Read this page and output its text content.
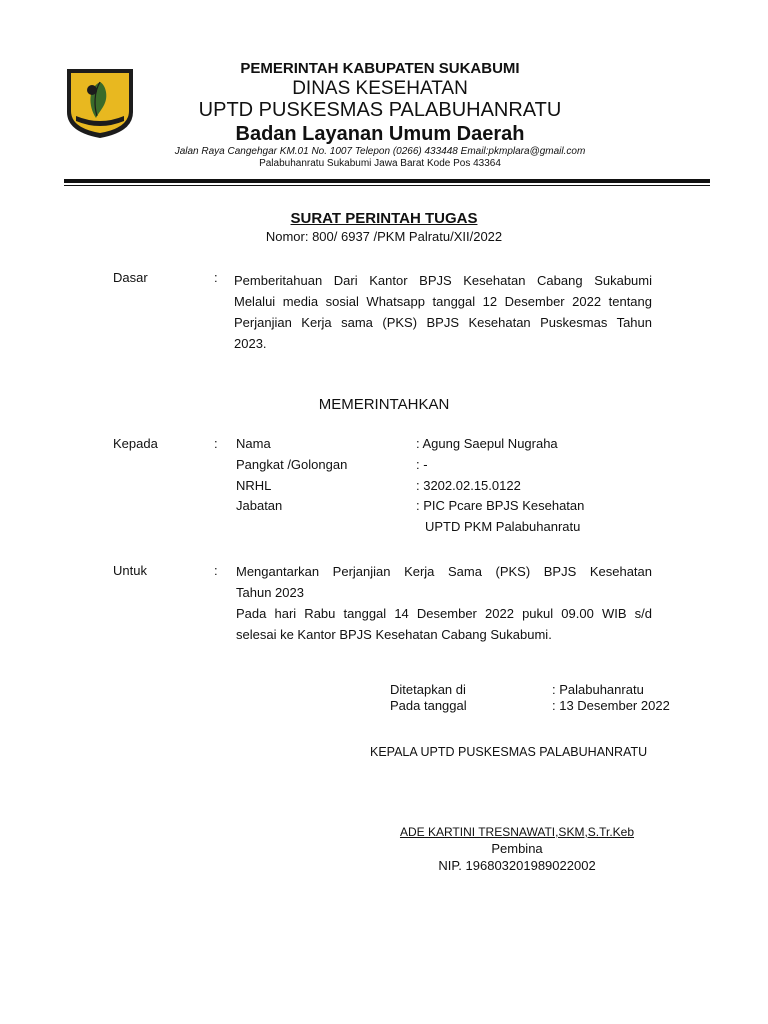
PEMERINTAH KABUPATEN SUKABUMI
DINAS KESEHATAN
UPTD PUSKESMAS PALABUHANRATU
Badan Layanan Umum Daerah
Jalan Raya Cangehgar KM.01 No. 1007 Telepon (0266) 433448 Email:pkmplara@gmail.com
Palabuhanratu Sukabumi Jawa Barat Kode Pos 43364
SURAT PERINTAH TUGAS
Nomor: 800/ 6937 /PKM Palratu/XII/2022
Dasar	: Pemberitahuan Dari Kantor BPJS Kesehatan Cabang Sukabumi
Melalui media sosial Whatsapp tanggal 12 Desember 2022 tentang
Perjanjian Kerja sama (PKS) BPJS Kesehatan Puskesmas Tahun
2023.
MEMERINTAHKAN
Kepada	: Nama	: Agung Saepul Nugraha
Pangkat /Golongan	: -
NRHL	: 3202.02.15.0122
Jabatan	: PIC Pcare BPJS Kesehatan
UPTD PKM Palabuhanratu
Untuk	: Mengantarkan Perjanjian Kerja Sama (PKS) BPJS Kesehatan
Tahun 2023
Pada hari Rabu tanggal 14 Desember 2022 pukul 09.00 WIB s/d
selesai ke Kantor BPJS Kesehatan Cabang Sukabumi.
Ditetapkan di	: Palabuhanratu
Pada tanggal	: 13 Desember 2022
KEPALA UPTD PUSKESMAS PALABUHANRATU
ADE KARTINI TRESNAWATI,SKM,S.Tr.Keb
Pembina
NIP. 196803201989022002
